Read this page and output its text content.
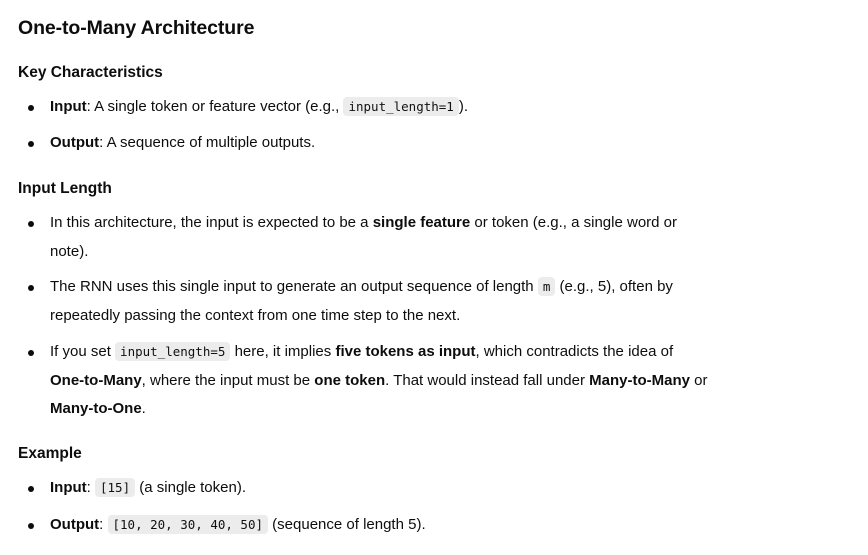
One-to-Many Architecture
Key Characteristics
Input: A single token or feature vector (e.g., input_length=1 ).
Output: A sequence of multiple outputs.
Input Length
In this architecture, the input is expected to be a single feature or token (e.g., a single word or note).
The RNN uses this single input to generate an output sequence of length m (e.g., 5), often by repeatedly passing the context from one time step to the next.
If you set input_length=5 here, it implies five tokens as input, which contradicts the idea of One-to-Many, where the input must be one token. That would instead fall under Many-to-Many or Many-to-One.
Example
Input: [15] (a single token).
Output: [10, 20, 30, 40, 50] (sequence of length 5).
